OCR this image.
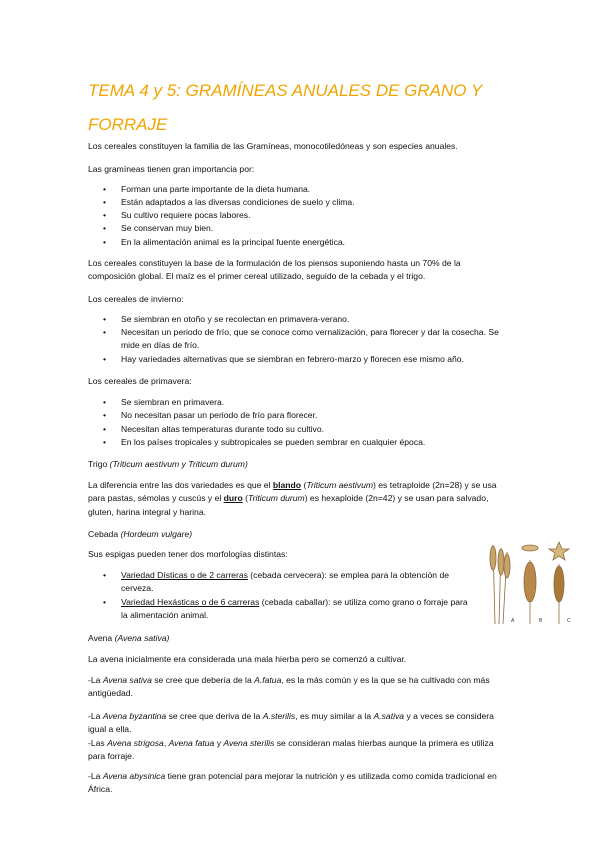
TEMA 4 y 5: GRAMÍNEAS ANUALES DE GRANO Y FORRAJE
Los cereales constituyen la familia de las Gramíneas, monocotiledóneas y son especies anuales.
Las gramíneas tienen gran importancia por:
• Forman una parte importante de la dieta humana.
• Están adaptados a las diversas condiciones de suelo y clima.
• Su cultivo requiere pocas labores.
• Se conservan muy bien.
• En la alimentación animal es la principal fuente energética.
Los cereales constituyen la base de la formulación de los piensos suponiendo hasta un 70% de la composición global. El maíz es el primer cereal utilizado, seguido de la cebada y el trigo.
Los cereales de invierno:
• Se siembran en otoño y se recolectan en primavera-verano.
• Necesitan un periodo de frío, que se conoce como vernalización, para florecer y dar la cosecha. Se mide en días de frío.
• Hay variedades alternativas que se siembran en febrero-marzo y florecen ese mismo año.
Los cereales de primavera:
• Se siembran en primavera.
• No necesitan pasar un periodo de frío para florecer.
• Necesitan altas temperaturas durante todo su cultivo.
• En los países tropicales y subtropicales se pueden sembrar en cualquier época.
Trigo (Triticum aestivum y Triticum durum)
La diferencia entre las dos variedades es que el blando (Triticum aestivum) es tetraploide (2n=28) y se usa para pastas, sémolas y cuscús y el duro (Triticum durum) es hexaploide (2n=42) y se usan para salvado, gluten, harina integral y harina.
Cebada (Hordeum vulgare)
Sus espigas pueden tener dos morfologías distintas:
• Variedad Dísticas o de 2 carreras (cebada cervecera): se emplea para la obtención de cerveza.
• Variedad Hexásticas o de 6 carreras (cebada caballar): se utiliza como grano o forraje para la alimentación animal.
A	B	C
Avena (Avena sativa)
La avena inicialmente era considerada una mala hierba pero se comenzó a cultivar.
-La Avena sativa se cree que debería de la A.fatua, es la más común y es la que se ha cultivado con más antigüedad.
-La Avena byzantina se cree que deriva de la A.sterilis, es muy similar a la A.sativa y a veces se considera igual a ella.
-Las Avena strigosa, Avena fatua y Avena sterilis se consideran malas hierbas aunque la primera es utiliza para forraje.
-La Avena abysinica tiene gran potencial para mejorar la nutrición y es utilizada como comida tradicional en África.
